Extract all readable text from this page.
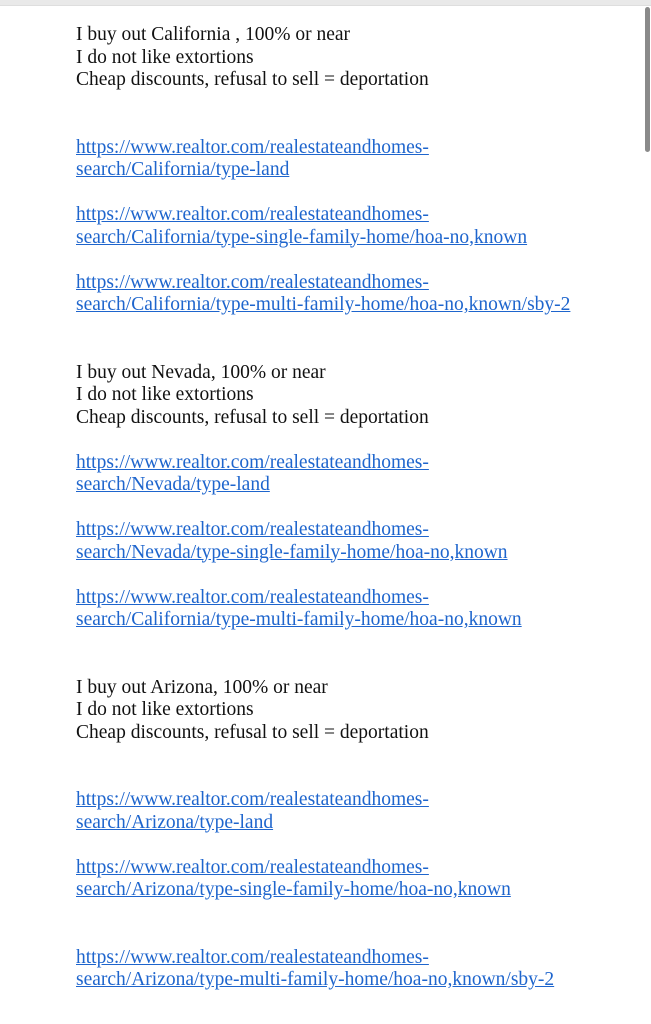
I buy out California , 100% or near
I do not like extortions
Cheap discounts, refusal to sell = deportation
https://www.realtor.com/realestateandhomes-
search/California/type-land
https://www.realtor.com/realestateandhomes-
search/California/type-single-family-home/hoa-no,known
https://www.realtor.com/realestateandhomes-
search/California/type-multi-family-home/hoa-no,known/sby-2
I buy out Nevada, 100% or near
I do not like extortions
Cheap discounts, refusal to sell = deportation
https://www.realtor.com/realestateandhomes-
search/Nevada/type-land
https://www.realtor.com/realestateandhomes-
search/Nevada/type-single-family-home/hoa-no,known
https://www.realtor.com/realestateandhomes-
search/California/type-multi-family-home/hoa-no,known
I buy out Arizona, 100% or near
I do not like extortions
Cheap discounts, refusal to sell = deportation
https://www.realtor.com/realestateandhomes-
search/Arizona/type-land
https://www.realtor.com/realestateandhomes-
search/Arizona/type-single-family-home/hoa-no,known
https://www.realtor.com/realestateandhomes-
search/Arizona/type-multi-family-home/hoa-no,known/sby-2
